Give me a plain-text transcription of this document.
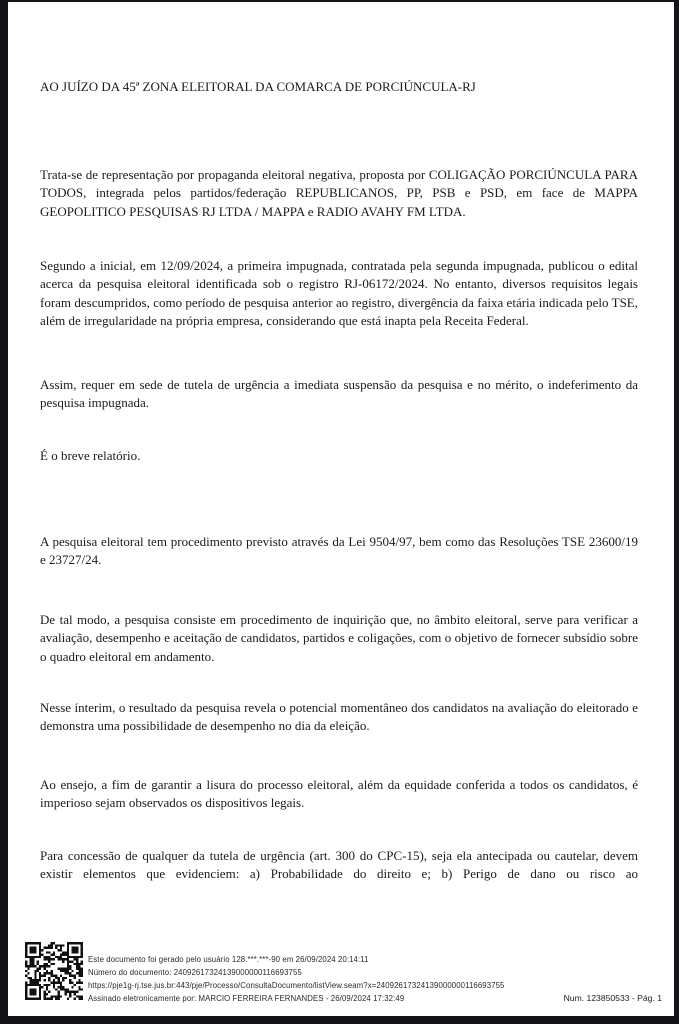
AO JUÍZO DA 45ª ZONA ELEITORAL DA COMARCA DE PORCIÚNCULA-RJ

Trata-se de representação por propaganda eleitoral negativa, proposta por COLIGAÇÃO PORCIÚNCULA PARA TODOS, integrada pelos partidos/federação REPUBLICANOS, PP, PSB e PSD, em face de MAPPA GEOPOLITICO PESQUISAS RJ LTDA / MAPPA e RADIO AVAHY FM LTDA.

Segundo a inicial, em 12/09/2024, a primeira impugnada, contratada pela segunda impugnada, publicou o edital acerca da pesquisa eleitoral identificada sob o registro RJ-06172/2024. No entanto, diversos requisitos legais foram descumpridos, como período de pesquisa anterior ao registro, divergência da faixa etária indicada pelo TSE, além de irregularidade na própria empresa, considerando que está inapta pela Receita Federal.

Assim, requer em sede de tutela de urgência a imediata suspensão da pesquisa e no mérito, o indeferimento da pesquisa impugnada.

É o breve relatório.

A pesquisa eleitoral tem procedimento previsto através da Lei 9504/97, bem como das Resoluções TSE 23600/19 e 23727/24.

De tal modo, a pesquisa consiste em procedimento de inquirição que, no âmbito eleitoral, serve para verificar a avaliação, desempenho e aceitação de candidatos, partidos e coligações, com o objetivo de fornecer subsídio sobre o quadro eleitoral em andamento.

Nesse ínterim, o resultado da pesquisa revela o potencial momentâneo dos candidatos na avaliação do eleitorado e demonstra uma possibilidade de desempenho no dia da eleição.

Ao ensejo, a fim de garantir a lisura do processo eleitoral, além da equidade conferida a todos os candidatos, é imperioso sejam observados os dispositivos legais.

Para concessão de qualquer da tutela de urgência (art. 300 do CPC-15), seja ela antecipada ou cautelar, devem existir elementos que evidenciem: a) Probabilidade do direito e; b) Perigo de dano ou risco ao

Este documento foi gerado pelo usuário 128.***.***-90 em 26/09/2024 20:14:11
Número do documento: 24092617324139000000116693755
https://pje1g-rj.tse.jus.br:443/pje/Processo/ConsultaDocumento/listView.seam?x=24092617324139000000116693755
Assinado eletronicamente por: MARCIO FERREIRA FERNANDES - 26/09/2024 17:32:49	Num. 123850533 - Pág. 1
